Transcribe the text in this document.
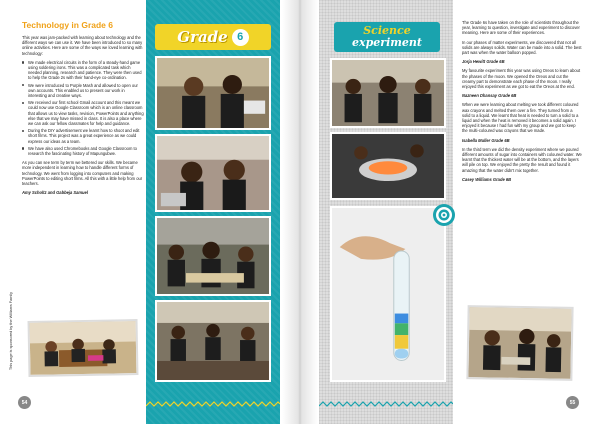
Technology in Grade 6

This year was jam-packed with learning about technology and the different ways we can use it. We have been introduced to so many online activities. Here are some of the ways we loved learning with technology:

We made electrical circuits in the form of a steady-hand game using soldering irons. This was a complicated task which needed planning, research and patience. They were then used to help the Grade 2s with their hand-eye co-ordination.
We were introduced to Purple Mash and allowed to open our own accounts. This enabled us to present our work in interesting and creative ways.
We received our first school Gmail account and this meant we could now use Google Classroom which is an online classroom that allows us to view tasks, revision, PowerPoints and anything else that we may have missed in class. It is also a place where we can ask our fellow classmates for help and guidance.
During the DIY advertisement we learnt how to shoot and edit short films. This project was a great experience as we could express our ideas as a team.
We have also used Chromebooks and Google Classroom to research the fascinating history of Mapungubwe.

As you can see term by term we bettered our skills. We became more independent in learning how to handle different forms of technology. We went from logging into computers and making PowerPoints to editing short films. All this with a little help from our teachers.

Amy Scholtz and Gabbeja Samuel

This page is sponsored by the Williams Family
54
Grade 6	Science
experiment

The Grade 6s have taken on the role of scientists throughout the year, learning to question, investigate and experiment to discover meaning. Here are some of their experiences.

In our phases of matter experiments, we discovered that not all solids are always solids. Water can be made into a solid. The best part was when the water balloon popped.

Jorja Hewitt Grade 6B

My favourite experiment this year was using Oreos to learn about the phases of the moon. We opened the Oreos and cut the creamy part to demonstrate each phase of the moon. I really enjoyed this experiment as we got to eat the Oreos at the end.

Nazneen Dhansay Grade 6B

When we were learning about melting we took different coloured wax crayons and melted them over a fire. They turned from a solid to a liquid. We learnt that heat is needed to turn a solid to a liquid and when the heat is removed it becomes a solid again. I enjoyed it because I had fun with my group and we got to keep the multi-coloured wax crayons that we made.

Isabella Muller Grade 6B

In the third term we did the density experiment where we poured different amounts of sugar into containers with coloured water. We learnt that the thickest water will be at the bottom, and the layers will pile on top. We enjoyed the pretty the result and found it amazing that the water didn't mix together.

Casey Williams Grade 6B

55
